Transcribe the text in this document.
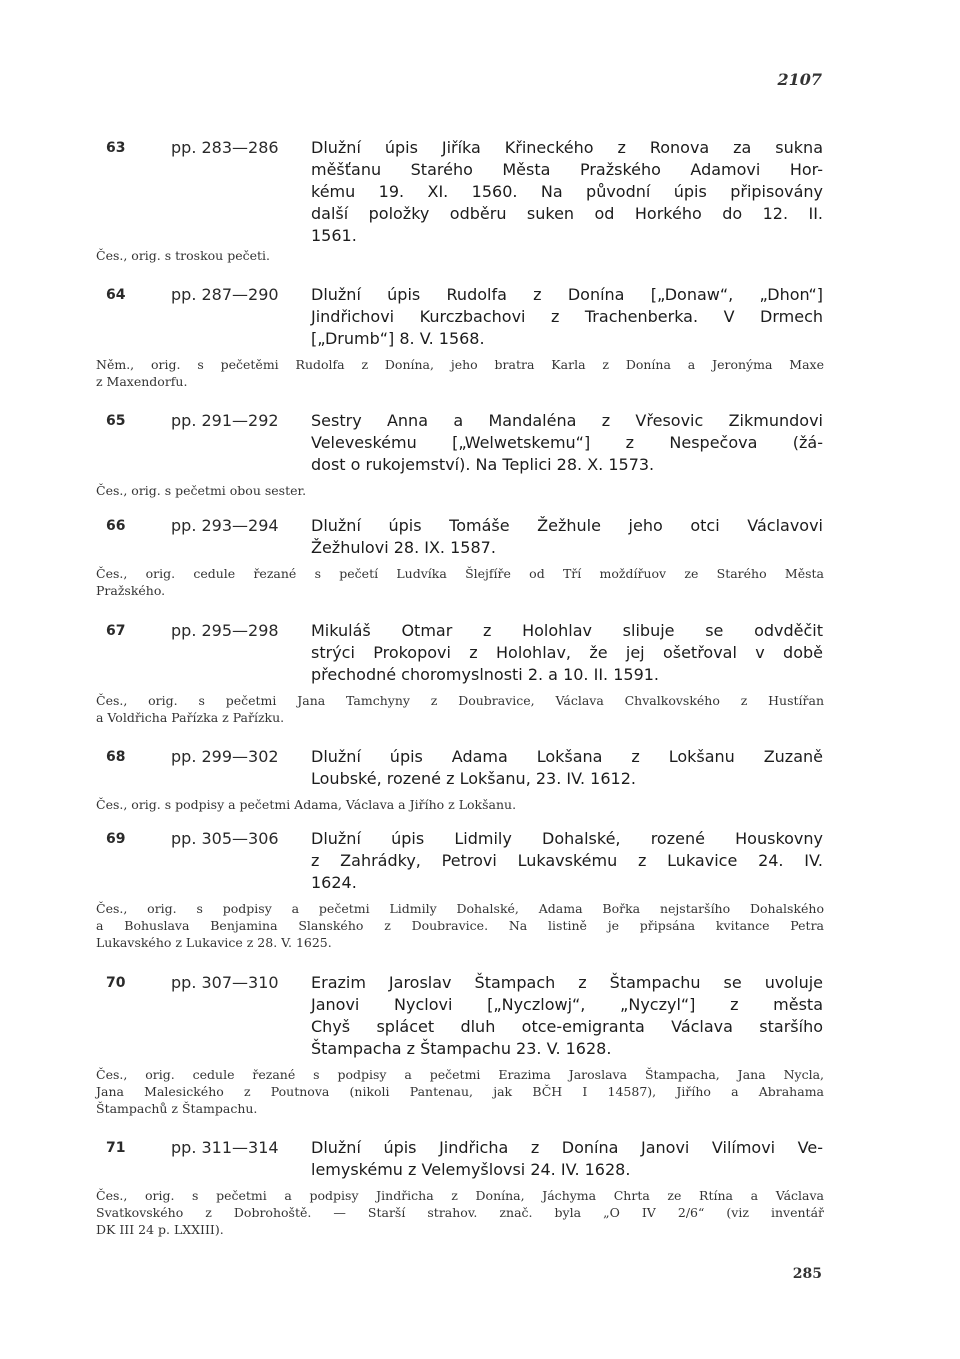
2107
63	pp. 283—286 Dlužní úpis Jiříka Křineckého z Ronova za sukna
měšťanu Starého Města Pražského Adamovi Hor-
kému 19. XI. 1560. Na původní úpis připisovány
další položky odběru suken od Horkého do 12. II.
1561.
Čes., orig. s troskou pečeti.
64	pp. 287—290 Dlužní úpis Rudolfa z Donína [„Donaw“, „Dhon“]
Jindřichovi Kurczbachovi z Trachenberka. V Drmech
[„Drumb“] 8. V. 1568.
Něm., orig. s pečetěmi Rudolfa z Donína, jeho bratra Karla z Donína a Jeronýma Maxe
z Maxendorfu.
65	pp. 291—292 Sestry Anna a Mandaléna z Vřesovic Zikmundovi
Veleveskému [„Welwetskemu“] z Nespečova (žá-
dost o rukojemství). Na Teplici 28. X. 1573.
Čes., orig. s pečetmi obou sester.
66	pp. 293—294 Dlužní úpis Tomáše Žežhule jeho otci Václavovi
Žežhulovi 28. IX. 1587.
Čes., orig. cedule řezané s pečetí Ludvíka Šlejfíře od Tří moždířuov ze Starého Města
Pražského.
67	pp. 295—298 Mikuláš Otmar z Holohlav slibuje se odvděčit
strýci Prokopovi z Holohlav, že jej ošetřoval v době
přechodné choromyslnosti 2. a 10. II. 1591.
Čes., orig. s pečetmi Jana Tamchyny z Doubravice, Václava Chvalkovského z Hustířan
a Voldřicha Pařízka z Pařízku.
68	pp. 299—302 Dlužní úpis Adama Lokšana z Lokšanu Zuzaně
Loubské, rozené z Lokšanu, 23. IV. 1612.
Čes., orig. s podpisy a pečetmi Adama, Václava a Jiřího z Lokšanu.
69	pp. 305—306 Dlužní úpis Lidmily Dohalské, rozené Houskovny
z Zahrádky, Petrovi Lukavskému z Lukavice 24. IV.
1624.
Čes., orig. s podpisy a pečetmi Lidmily Dohalské, Adama Bořka nejstaršího Dohalského
a Bohuslava Benjamina Slanského z Doubravice. Na listině je připsána kvitance Petra
Lukavského z Lukavice z 28. V. 1625.
70	pp. 307—310 Erazim Jaroslav Štampach z Štampachu se uvoluje
Janovi Nyclovi [„Nyczlowj“, „Nyczyl“] z města
Chyš splácet dluh otce-emigranta Václava staršího
Štampacha z Štampachu 23. V. 1628.
Čes., orig. cedule řezané s podpisy a pečetmi Erazima Jaroslava Štampacha, Jana Nycla,
Jana Malesického z Poutnova (nikoli Pantenau, jak BČH I 14587), Jiřího a Abrahama
Štampachů z Štampachu.
71	pp. 311—314 Dlužní úpis Jindřicha z Donína Janovi Vilímovi Ve-
lemyskému z Velemyšlovsi 24. IV. 1628.
Čes., orig. s pečetmi a podpisy Jindřicha z Donína, Jáchyma Chrta ze Rtína a Václava
Svatkovského z Dobrohoště. — Starší strahov. znač. byla „O IV 2/6“ (viz inventář
DK III 24 p. LXXIII).
285
